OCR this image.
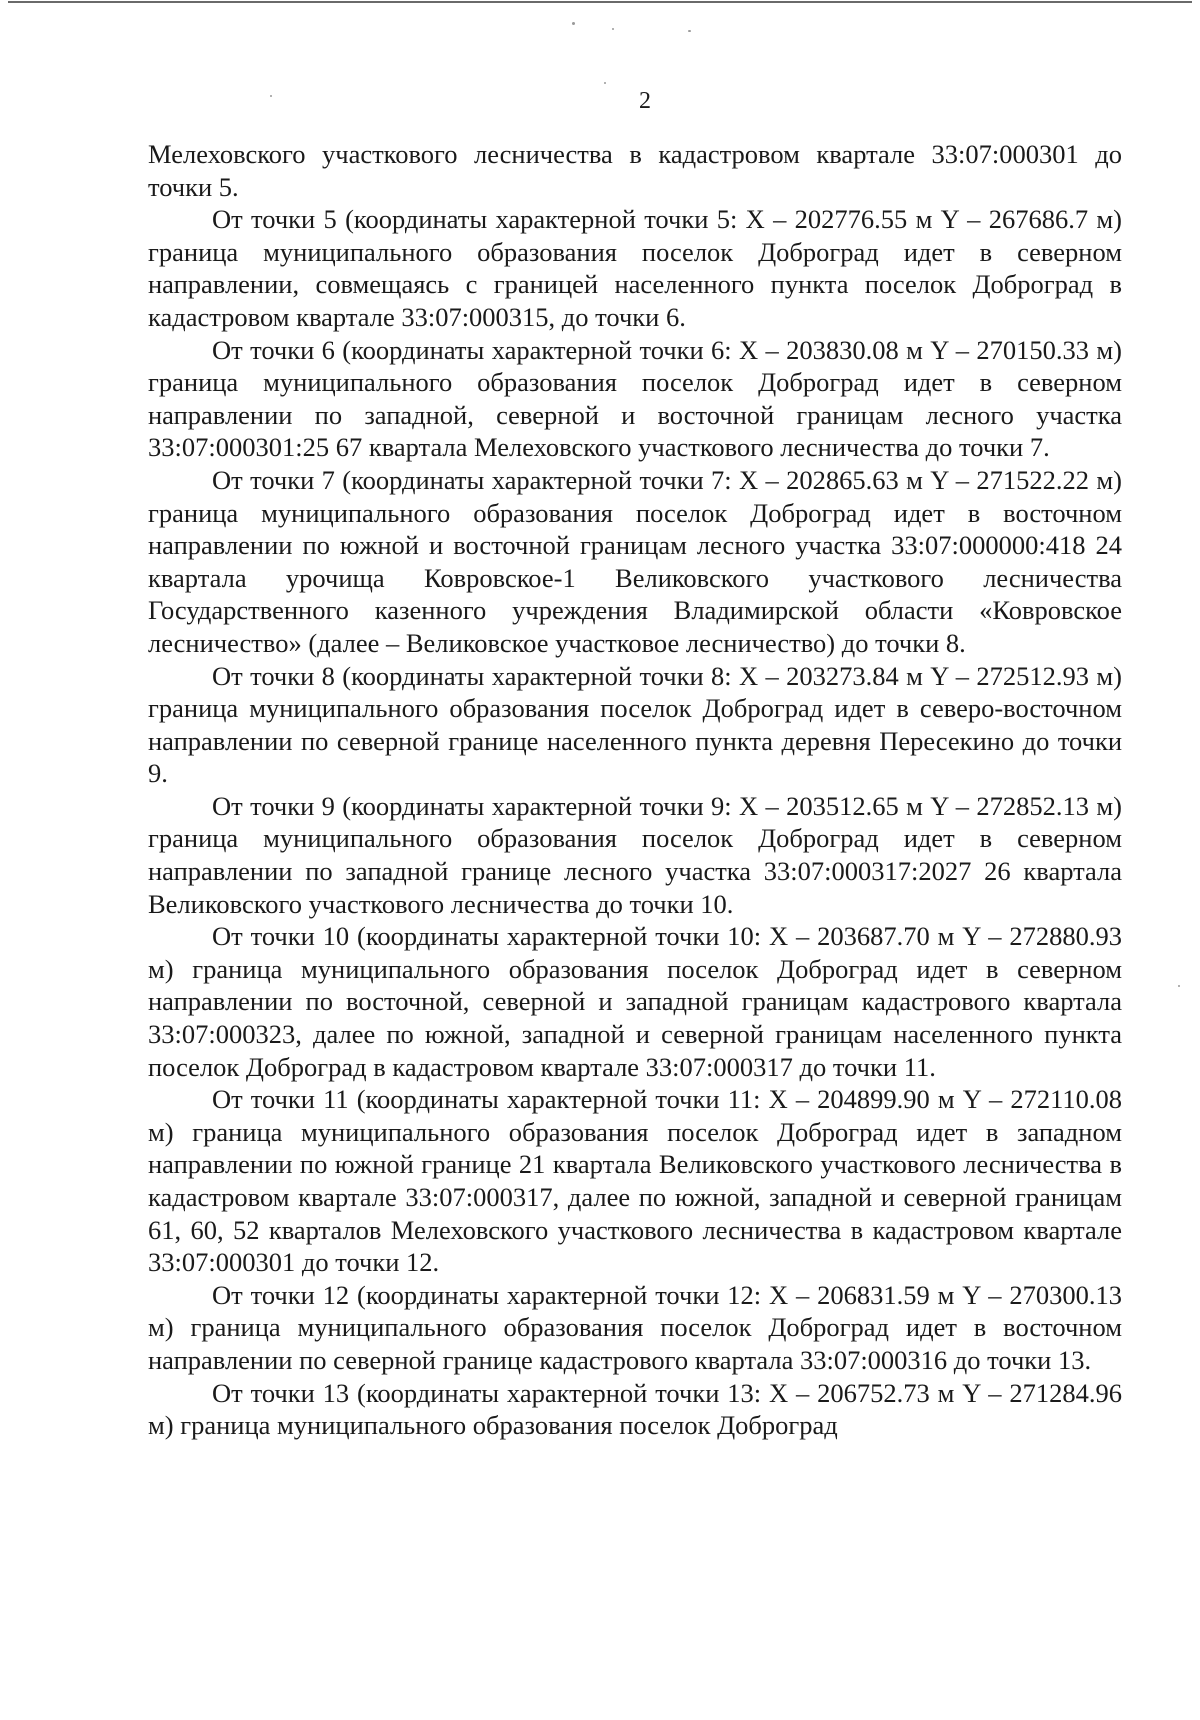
2

Мелеховского участкового лесничества в кадастровом квартале 33:07:000301 до точки 5.

От точки 5 (координаты характерной точки 5: X – 202776.55 м Y – 267686.7 м) граница муниципального образования поселок Доброград идет в северном направлении, совмещаясь с границей населенного пункта поселок Доброград в кадастровом квартале 33:07:000315, до точки 6.

От точки 6 (координаты характерной точки 6: X – 203830.08 м Y – 270150.33 м) граница муниципального образования поселок Доброград идет в северном направлении по западной, северной и восточной границам лесного участка 33:07:000301:25 67 квартала Мелеховского участкового лесничества до точки 7.

От точки 7 (координаты характерной точки 7: X – 202865.63 м Y – 271522.22 м) граница муниципального образования поселок Доброград идет в восточном направлении по южной и восточной границам лесного участка 33:07:000000:418 24 квартала урочища Ковровское-1 Великовского участкового лесничества Государственного казенного учреждения Владимирской области «Ковровское лесничество» (далее – Великовское участковое лесничество) до точки 8.

От точки 8 (координаты характерной точки 8: X – 203273.84 м Y – 272512.93 м) граница муниципального образования поселок Доброград идет в северо-восточном направлении по северной границе населенного пункта деревня Пересекино до точки 9.

От точки 9 (координаты характерной точки 9: X – 203512.65 м Y – 272852.13 м) граница муниципального образования поселок Доброград идет в северном направлении по западной границе лесного участка 33:07:000317:2027 26 квартала Великовского участкового лесничества до точки 10.

От точки 10 (координаты характерной точки 10: X – 203687.70 м Y – 272880.93 м) граница муниципального образования поселок Доброград идет в северном направлении по восточной, северной и западной границам кадастрового квартала 33:07:000323, далее по южной, западной и северной границам населенного пункта поселок Доброград в кадастровом квартале 33:07:000317 до точки 11.

От точки 11 (координаты характерной точки 11: X – 204899.90 м Y – 272110.08 м) граница муниципального образования поселок Доброград идет в западном направлении по южной границе 21 квартала Великовского участкового лесничества в кадастровом квартале 33:07:000317, далее по южной, западной и северной границам 61, 60, 52 кварталов Мелеховского участкового лесничества в кадастровом квартале 33:07:000301 до точки 12.

От точки 12 (координаты характерной точки 12: X – 206831.59 м Y – 270300.13 м) граница муниципального образования поселок Доброград идет в восточном направлении по северной границе кадастрового квартала 33:07:000316 до точки 13.

От точки 13 (координаты характерной точки 13: X – 206752.73 м Y – 271284.96 м) граница муниципального образования поселок Доброград
